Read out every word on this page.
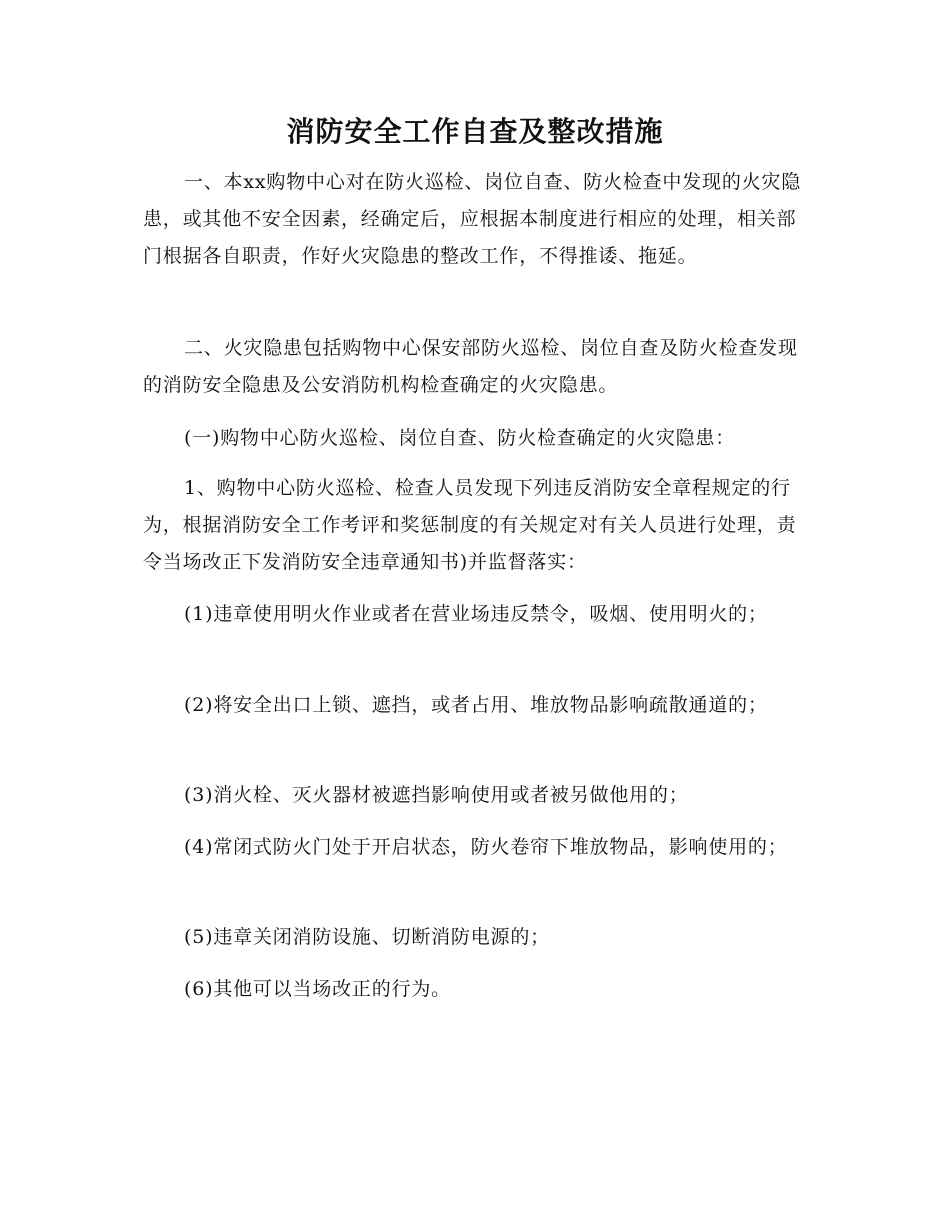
消防安全工作自查及整改措施

一、本xx购物中心对在防火巡检、岗位自查、防火检查中发现的火灾隐患，或其他不安全因素，经确定后，应根据本制度进行相应的处理，相关部门根据各自职责，作好火灾隐患的整改工作，不得推诿、拖延。

二、火灾隐患包括购物中心保安部防火巡检、岗位自查及防火检查发现的消防安全隐患及公安消防机构检查确定的火灾隐患。

(一)购物中心防火巡检、岗位自查、防火检查确定的火灾隐患：

1、购物中心防火巡检、检查人员发现下列违反消防安全章程规定的行为，根据消防安全工作考评和奖惩制度的有关规定对有关人员进行处理，责令当场改正下发消防安全违章通知书)并监督落实：

(1)违章使用明火作业或者在营业场违反禁令，吸烟、使用明火的；

(2)将安全出口上锁、遮挡，或者占用、堆放物品影响疏散通道的；

(3)消火栓、灭火器材被遮挡影响使用或者被另做他用的；

(4)常闭式防火门处于开启状态，防火卷帘下堆放物品，影响使用的；

(5)违章关闭消防设施、切断消防电源的；

(6)其他可以当场改正的行为。
